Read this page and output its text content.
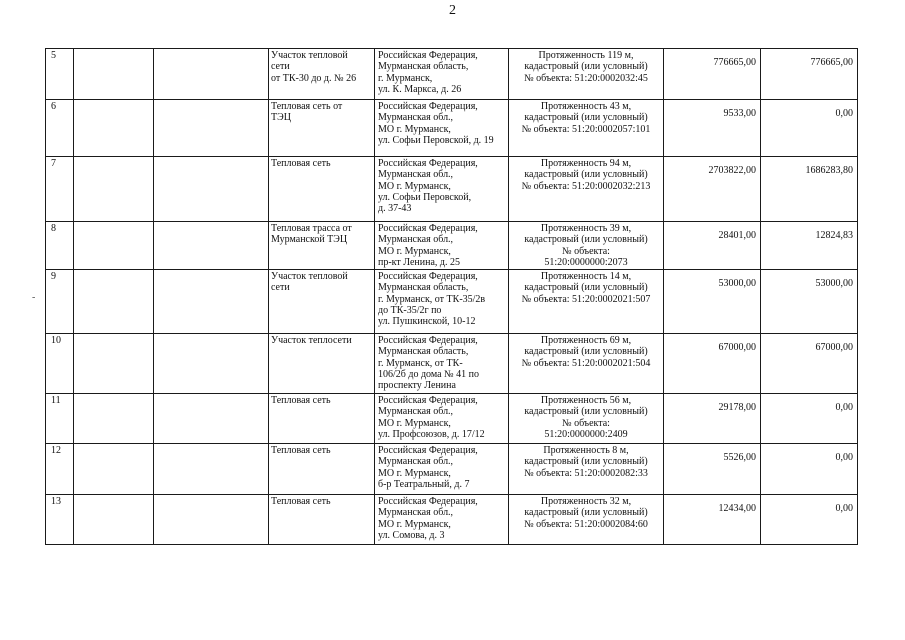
2
5			Участок тепловой
сети
от ТК-30 до д. № 26	Российская Федерация,
Мурманская область,
г. Мурманск,
ул. К. Маркса, д. 26	Протяженность 119 м,
кадастровый (или условный)
№ объекта: 51:20:0002032:45	776665,00	776665,00
6			Тепловая сеть от
ТЭЦ	Российская Федерация,
Мурманская обл.,
МО г. Мурманск,
ул. Софьи Перовской, д. 19	Протяженность 43 м,
кадастровый (или условный)
№ объекта: 51:20:0002057:101	9533,00	0,00
7			Тепловая сеть	Российская Федерация,
Мурманская обл.,
МО г. Мурманск,
ул. Софьи Перовской,
д. 37-43	Протяженность 94 м,
кадастровый (или условный)
№ объекта: 51:20:0002032:213	2703822,00	1686283,80
8			Тепловая трасса от
Мурманской ТЭЦ	Российская Федерация,
Мурманская обл.,
МО г. Мурманск,
пр-кт Ленина, д. 25	Протяженность 39 м,
кадастровый (или условный)
№ объекта:
51:20:0000000:2073	28401,00	12824,83
9			Участок тепловой
сети	Российская Федерация,
Мурманская область,
г. Мурманск, от ТК-35/2в
до ТК-35/2г по
ул. Пушкинской, 10-12	Протяженность 14 м,
кадастровый (или условный)
№ объекта: 51:20:0002021:507	53000,00	53000,00
10			Участок теплосети	Российская Федерация,
Мурманская область,
г. Мурманск, от ТК-
106/2б до дома № 41 по
проспекту Ленина	Протяженность 69 м,
кадастровый (или условный)
№ объекта: 51:20:0002021:504	67000,00	67000,00
11			Тепловая сеть	Российская Федерация,
Мурманская обл.,
МО г. Мурманск,
ул. Профсоюзов, д. 17/12	Протяженность 56 м,
кадастровый (или условный)
№ объекта:
51:20:0000000:2409	29178,00	0,00
12			Тепловая сеть	Российская Федерация,
Мурманская обл.,
МО г. Мурманск,
б-р Театральный, д. 7	Протяженность 8 м,
кадастровый (или условный)
№ объекта: 51:20:0002082:33	5526,00	0,00
13			Тепловая сеть	Российская Федерация,
Мурманская обл.,
МО г. Мурманск,
ул. Сомова, д. 3	Протяженность 32 м,
кадастровый (или условный)
№ объекта: 51:20:0002084:60	12434,00	0,00
-
